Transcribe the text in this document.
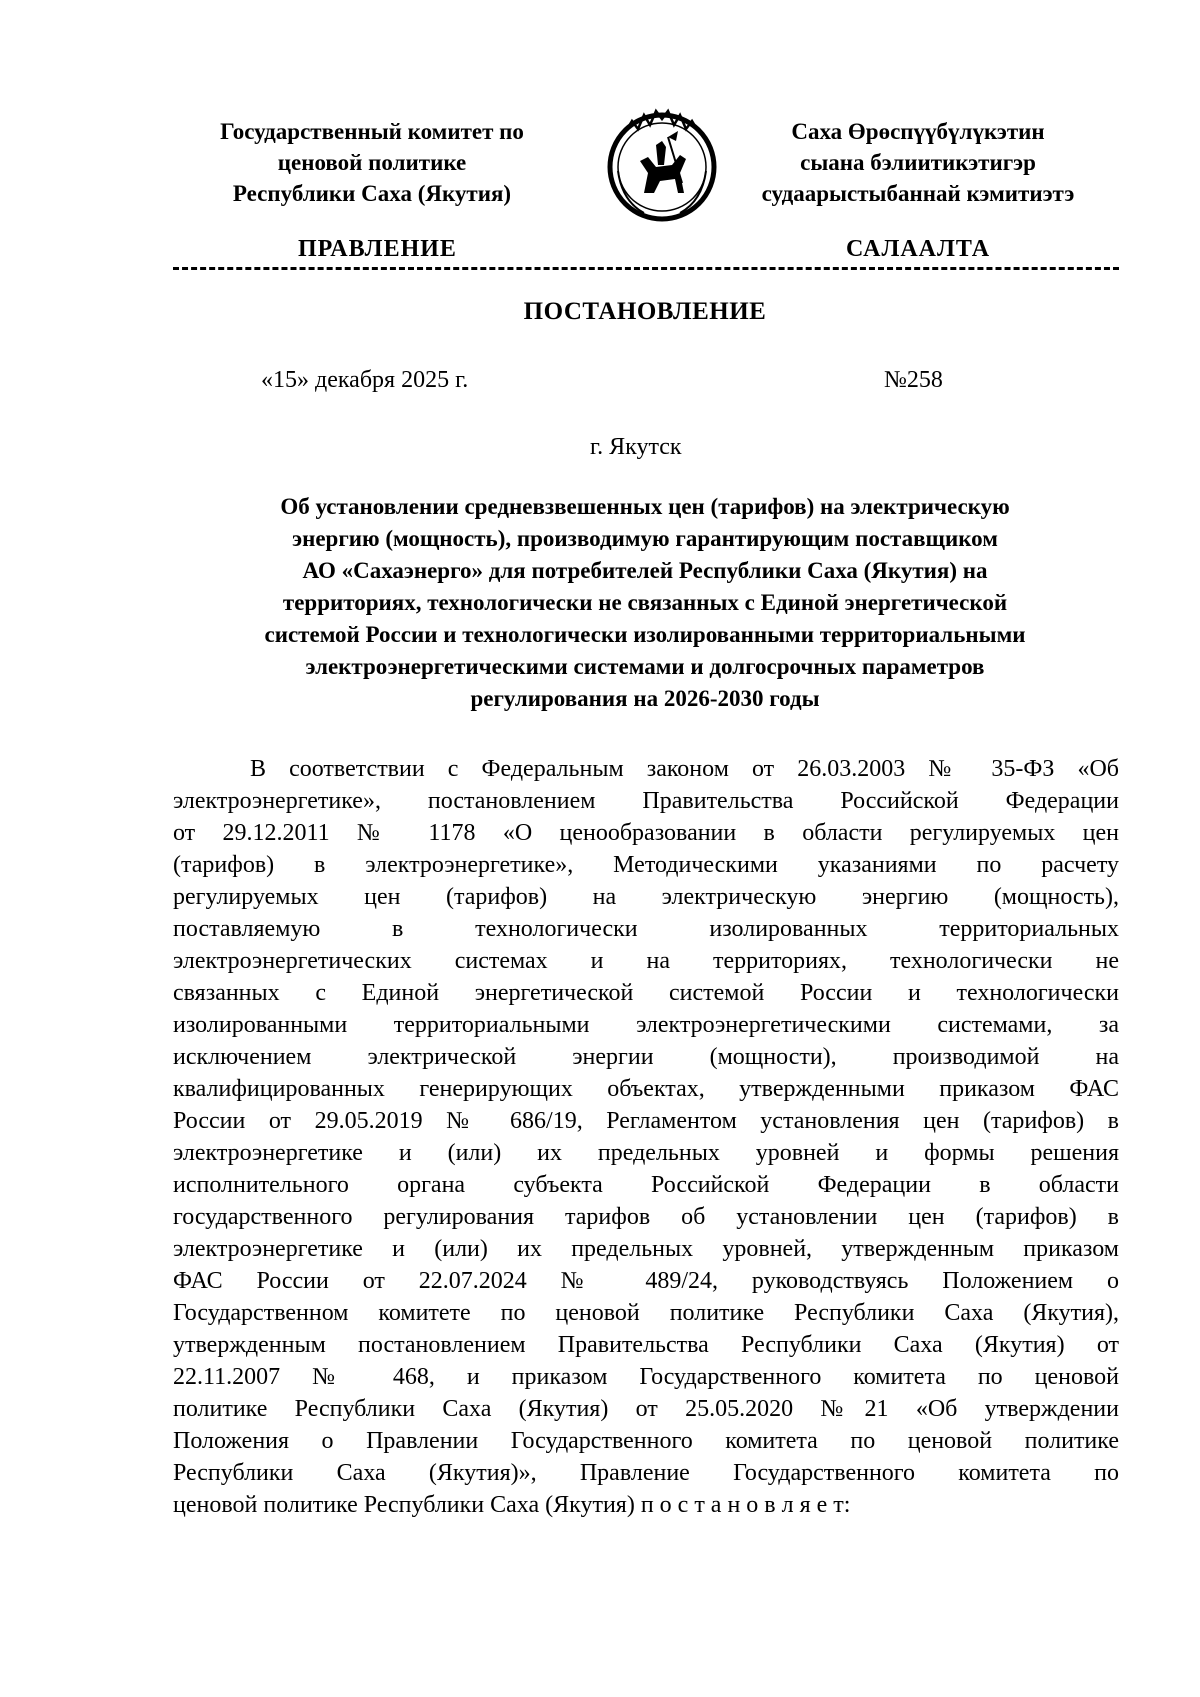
Государственный комитет по
ценовой политике
Республики Саха (Якутия)
Саха Өрөспүүбүлүкэтин
сыана бэлиитикэтигэр
судаарыстыбаннай кэмитиэтэ
ПРАВЛЕНИЕ	САЛААЛТА
ПОСТАНОВЛЕНИЕ
«15» декабря 2025 г.	№258
г. Якутск
Об установлении средневзвешенных цен (тарифов) на электрическую
энергию (мощность), производимую гарантирующим поставщиком
АО «Сахаэнерго» для потребителей Республики Саха (Якутия) на
территориях, технологически не связанных с Единой энергетической
системой России и технологически изолированными территориальными
электроэнергетическими системами и долгосрочных параметров
регулирования на 2026-2030 годы
В соответствии с Федеральным законом от 26.03.2003 № 35-ФЗ «Об
электроэнергетике», постановлением Правительства Российской Федерации
от 29.12.2011 № 1178 «О ценообразовании в области регулируемых цен
(тарифов) в электроэнергетике», Методическими указаниями по расчету
регулируемых цен (тарифов) на электрическую энергию (мощность),
поставляемую в технологически изолированных территориальных
электроэнергетических системах и на территориях, технологически не
связанных с Единой энергетической системой России и технологически
изолированными территориальными электроэнергетическими системами, за
исключением электрической энергии (мощности), производимой на
квалифицированных генерирующих объектах, утвержденными приказом ФАС
России от 29.05.2019 № 686/19, Регламентом установления цен (тарифов) в
электроэнергетике и (или) их предельных уровней и формы решения
исполнительного органа субъекта Российской Федерации в области
государственного регулирования тарифов об установлении цен (тарифов) в
электроэнергетике и (или) их предельных уровней, утвержденным приказом
ФАС России от 22.07.2024 № 489/24, руководствуясь Положением о
Государственном комитете по ценовой политике Республики Саха (Якутия),
утвержденным постановлением Правительства Республики Саха (Якутия) от
22.11.2007 № 468, и приказом Государственного комитета по ценовой
политике Республики Саха (Якутия) от 25.05.2020 №21 «Об утверждении
Положения о Правлении Государственного комитета по ценовой политике
Республики Саха (Якутия)», Правление Государственного комитета по
ценовой политике Республики Саха (Якутия) п о с т а н о в л я е т:
